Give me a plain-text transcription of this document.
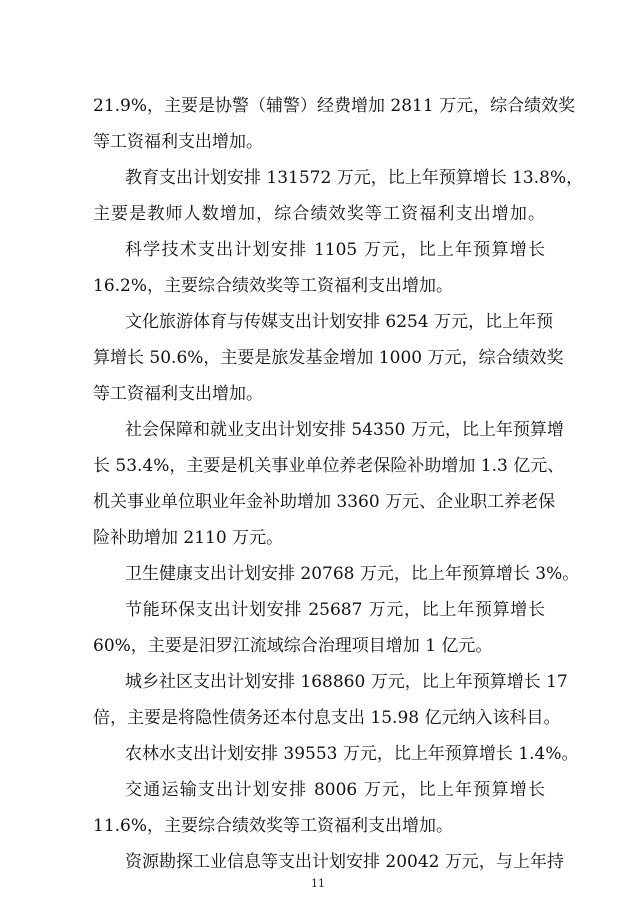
21.9%，主要是协警（辅警）经费增加 2811 万元，综合绩效奖
等工资福利支出增加。
教育支出计划安排 131572 万元，比上年预算增长 13.8%，
主要是教师人数增加，综合绩效奖等工资福利支出增加。
科学技术支出计划安排 1105 万元，比上年预算增长
16.2%，主要综合绩效奖等工资福利支出增加。
文化旅游体育与传媒支出计划安排 6254 万元，比上年预
算增长 50.6%，主要是旅发基金增加 1000 万元，综合绩效奖
等工资福利支出增加。
社会保障和就业支出计划安排 54350 万元，比上年预算增
长 53.4%，主要是机关事业单位养老保险补助增加 1.3 亿元、
机关事业单位职业年金补助增加 3360 万元、企业职工养老保
险补助增加 2110 万元。
卫生健康支出计划安排 20768 万元，比上年预算增长 3%。
节能环保支出计划安排 25687 万元，比上年预算增长
60%，主要是汨罗江流域综合治理项目增加 1 亿元。
城乡社区支出计划安排 168860 万元，比上年预算增长 17
倍，主要是将隐性债务还本付息支出 15.98 亿元纳入该科目。
农林水支出计划安排 39553 万元，比上年预算增长 1.4%。
交通运输支出计划安排 8006 万元，比上年预算增长
11.6%，主要综合绩效奖等工资福利支出增加。
资源勘探工业信息等支出计划安排 20042 万元，与上年持
11
